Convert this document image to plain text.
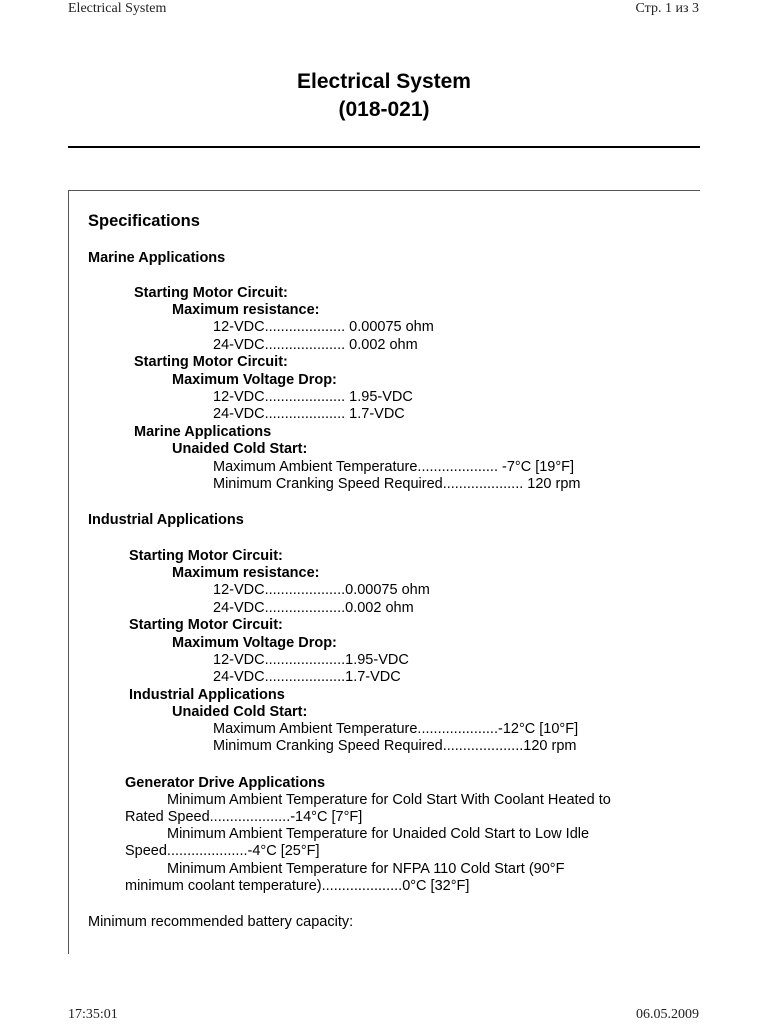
Electrical System	Стр. 1 из 3
Electrical System
(018-021)
Specifications
Marine Applications
Starting Motor Circuit:
Maximum resistance:
12-VDC.................... 0.00075 ohm
24-VDC.................... 0.002 ohm
Starting Motor Circuit:
Maximum Voltage Drop:
12-VDC.................... 1.95-VDC
24-VDC.................... 1.7-VDC
Marine Applications
Unaided Cold Start:
Maximum Ambient Temperature.................... -7°C [19°F]
Minimum Cranking Speed Required.................... 120 rpm
Industrial Applications
Starting Motor Circuit:
Maximum resistance:
12-VDC....................0.00075 ohm
24-VDC....................0.002 ohm
Starting Motor Circuit:
Maximum Voltage Drop:
12-VDC....................1.95-VDC
24-VDC....................1.7-VDC
Industrial Applications
Unaided Cold Start:
Maximum Ambient Temperature....................-12°C [10°F]
Minimum Cranking Speed Required....................120 rpm
Generator Drive Applications
Minimum Ambient Temperature for Cold Start With Coolant Heated to
Rated Speed....................-14°C [7°F]
Minimum Ambient Temperature for Unaided Cold Start to Low Idle
Speed....................-4°C [25°F]
Minimum Ambient Temperature for NFPA 110 Cold Start (90°F
minimum coolant temperature)....................0°C [32°F]
Minimum recommended battery capacity:
17:35:01	06.05.2009
